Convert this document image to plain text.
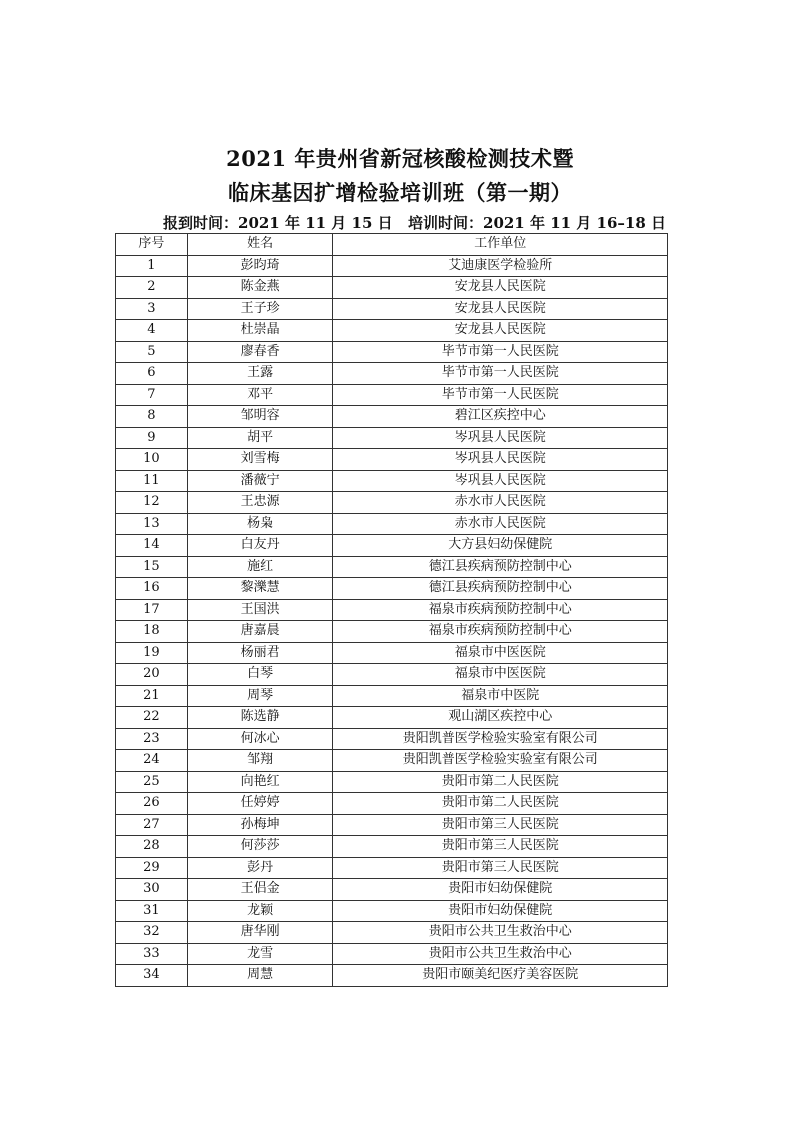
2021 年贵州省新冠核酸检测技术暨
临床基因扩增检验培训班（第一期）
报到时间：2021 年 11 月 15 日 培训时间：2021 年 11 月 16–18 日
序号	姓名	工作单位
1	彭昀琦	艾迪康医学检验所
2	陈金燕	安龙县人民医院
3	王子珍	安龙县人民医院
4	杜崇晶	安龙县人民医院
5	廖春香	毕节市第一人民医院
6	王露	毕节市第一人民医院
7	邓平	毕节市第一人民医院
8	邹明容	碧江区疾控中心
9	胡平	岑巩县人民医院
10	刘雪梅	岑巩县人民医院
11	潘薇宁	岑巩县人民医院
12	王忠源	赤水市人民医院
13	杨枭	赤水市人民医院
14	白友丹	大方县妇幼保健院
15	施红	德江县疾病预防控制中心
16	黎濼慧	德江县疾病预防控制中心
17	王国洪	福泉市疾病预防控制中心
18	唐嘉晨	福泉市疾病预防控制中心
19	杨丽君	福泉市中医医院
20	白琴	福泉市中医医院
21	周琴	福泉市中医院
22	陈选静	观山湖区疾控中心
23	何冰心	贵阳凯普医学检验实验室有限公司
24	邹翔	贵阳凯普医学检验实验室有限公司
25	向艳红	贵阳市第二人民医院
26	任婷婷	贵阳市第二人民医院
27	孙梅坤	贵阳市第三人民医院
28	何莎莎	贵阳市第三人民医院
29	彭丹	贵阳市第三人民医院
30	王侣金	贵阳市妇幼保健院
31	龙颖	贵阳市妇幼保健院
32	唐华刚	贵阳市公共卫生救治中心
33	龙雪	贵阳市公共卫生救治中心
34	周慧	贵阳市颐美纪医疗美容医院
